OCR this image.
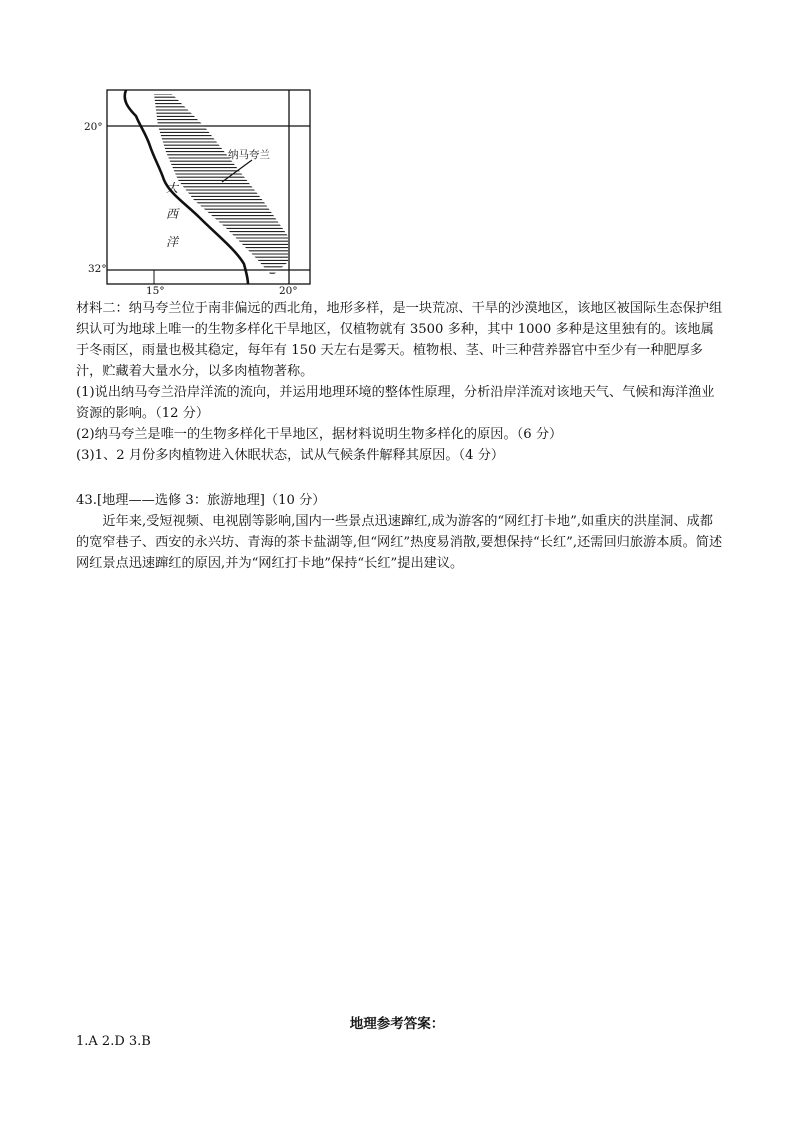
纳马夸兰
大
西
洋
20°
32°
15°	20°

材料二：纳马夸兰位于南非偏远的西北角，地形多样，是一块荒凉、干旱的沙漠地区，该地区被国际生态保护组织认可为地球上唯一的生物多样化干旱地区，仅植物就有 3500 多种，其中 1000 多种是这里独有的。该地属于冬雨区，雨量也极其稳定，每年有 150 天左右是雾天。植物根、茎、叶三种营养器官中至少有一种肥厚多汁，贮藏着大量水分，以多肉植物著称。

(1)说出纳马夸兰沿岸洋流的流向，并运用地理环境的整体性原理，分析沿岸洋流对该地天气、气候和海洋渔业资源的影响。（12 分）

(2)纳马夸兰是唯一的生物多样化干旱地区，据材料说明生物多样化的原因。（6 分）

(3)1、2 月份多肉植物进入休眠状态，试从气候条件解释其原因。（4 分）

43.[地理——选修 3：旅游地理]（10 分）

近年来,受短视频、电视剧等影响,国内一些景点迅速蹿红,成为游客的“网红打卡地”,如重庆的洪崖洞、成都的宽窄巷子、西安的永兴坊、青海的茶卡盐湖等,但“网红”热度易消散,要想保持“长红”,还需回归旅游本质。简述网红景点迅速蹿红的原因,并为“网红打卡地”保持“长红”提出建议。

地理参考答案：
1.A 2.D 3.B
